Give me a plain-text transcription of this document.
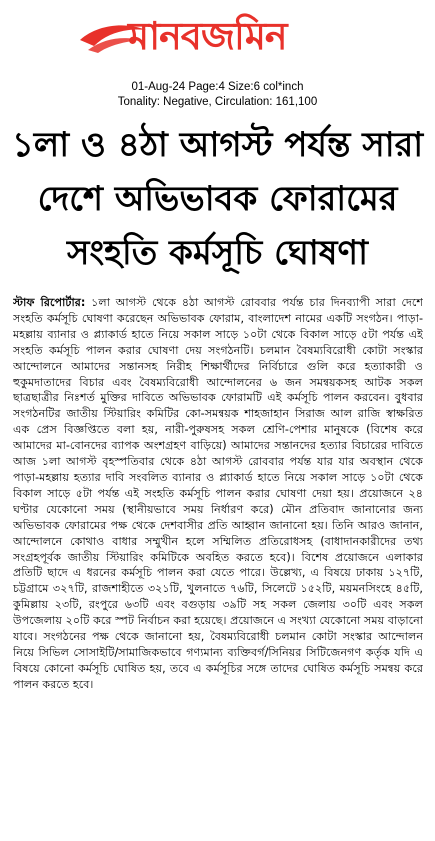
মানবজমিন
01-Aug-24 Page:4 Size:6 col*inch
Tonality: Negative, Circulation: 161,100
১লা ও ৪ঠা আগস্ট পর্যন্ত সারা
দেশে অভিভাবক ফোরামের
সংহতি কর্মসূচি ঘোষণা
স্টাফ রিপোর্টার: ১লা আগস্ট থেকে ৪ঠা আগস্ট রোববার পর্যন্ত চার দিনব্যাপী সারা দেশে সংহতি কর্মসূচি ঘোষণা করেছেন অভিভাবক ফোরাম, বাংলাদেশ নামের একটি সংগঠন। পাড়া-মহল্লায় ব্যানার ও প্ল্যাকার্ড হাতে নিয়ে সকাল সাড়ে ১০টা থেকে বিকাল সাড়ে ৫টা পর্যন্ত এই সংহতি কর্মসূচি পালন করার ঘোষণা দেয় সংগঠনটি। চলমান বৈষম্যবিরোধী কোটা সংস্কার আন্দোলনে আমাদের সন্তানসহ নিরীহ শিক্ষার্থীদের নির্বিচারে গুলি করে হত্যাকারী ও হুকুমদাতাদের বিচার এবং বৈষম্যবিরোধী আন্দোলনের ৬ জন সমন্বয়কসহ আটক সকল ছাত্রছাত্রীর নিঃশর্ত মুক্তির দাবিতে অভিভাবক ফোরামটি এই কর্মসূচি পালন করবেন। বুধবার সংগঠনটির জাতীয় স্টিয়ারিং কমিটির কো-সমন্বয়ক শাহজাহান সিরাজ আল রাজি স্বাক্ষরিত এক প্রেস বিজ্ঞপ্তিতে বলা হয়, নারী-পুরুষসহ সকল শ্রেণি-পেশার মানুষকে (বিশেষ করে আমাদের মা-বোনদের ব্যাপক অংশগ্রহণ বাড়িয়ে) আমাদের সন্তানদের হত্যার বিচারের দাবিতে আজ ১লা আগস্ট বৃহস্পতিবার থেকে ৪ঠা আগস্ট রোববার পর্যন্ত যার যার অবস্থান থেকে পাড়া-মহল্লায় হত্যার দাবি সংবলিত ব্যানার ও প্ল্যাকার্ড হাতে নিয়ে সকাল সাড়ে ১০টা থেকে বিকাল সাড়ে ৫টা পর্যন্ত এই সংহতি কর্মসূচি পালন করার ঘোষণা দেয়া হয়। প্রয়োজনে ২৪ ঘণ্টার যেকোনো সময় (স্থানীয়ভাবে সময় নির্ধারণ করে) মৌন প্রতিবাদ জানানোর জন্য অভিভাবক ফোরামের পক্ষ থেকে দেশবাসীর প্রতি আহ্বান জানানো হয়। তিনি আরও জানান, আন্দোলনে কোথাও বাধার সম্মুখীন হলে সম্মিলিত প্রতিরোধসহ (বাধাদানকারীদের তথ্য সংগ্রহপূর্বক জাতীয় স্টিয়ারিং কমিটিকে অবহিত করতে হবে)। বিশেষ প্রয়োজনে এলাকার প্রতিটি ছাদে এ ধরনের কর্মসূচি পালন করা যেতে পারে। উল্লেখ্য, এ বিষয়ে ঢাকায় ১২৭টি, চট্টগ্রামে ৩২৭টি, রাজশাহীতে ৩২১টি, খুলনাতে ৭৬টি, সিলেটে ১৫২টি, ময়মনসিংহে ৪৫টি, কুমিল্লায় ২৩টি, রংপুরে ৬৩টি এবং বগুড়ায় ৩৯টি সহ সকল জেলায় ৩০টি এবং সকল উপজেলায় ২০টি করে স্পট নির্বাচন করা হয়েছে। প্রয়োজনে এ সংখ্যা যেকোনো সময় বাড়ানো যাবে। সংগঠনের পক্ষ থেকে জানানো হয়, বৈষম্যবিরোধী চলমান কোটা সংস্কার আন্দোলন নিয়ে সিভিল সোসাইটি/সামাজিকভাবে গণ্যমান্য ব্যক্তিবর্গ/সিনিয়র সিটিজেনগণ কর্তৃক যদি এ বিষয়ে কোনো কর্মসূচি ঘোষিত হয়, তবে এ কর্মসূচির সঙ্গে তাদের ঘোষিত কর্মসূচি সমন্বয় করে পালন করতে হবে।
